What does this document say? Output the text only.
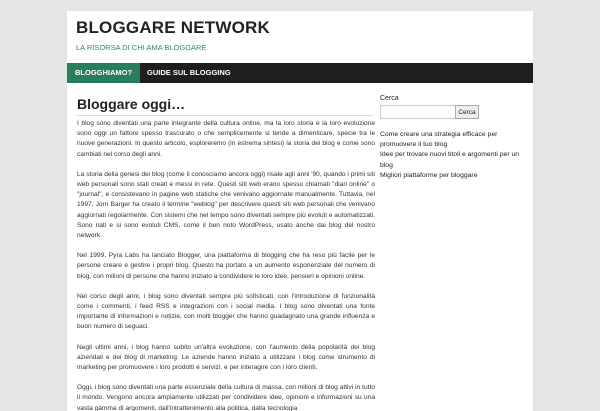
BLOGGARE NETWORK

LA RISORSA DI CHI AMA BLOGGARE

BLOGGHIAMO?	GUIDE SUL BLOGGING
Bloggare oggi…

I blog sono diventati una parte integrante della cultura online, ma la loro storia e la loro evoluzione sono oggi un fattore spesso trascurato o che semplicemente si tende a dimenticare, specie tra le nuove generazioni. In questo articolo, esploreremo (in estrema sintesi) la storia dei blog e come sono cambiati nel corso degli anni.

La storia della genesi dei blog (come li conosciamo ancora oggi) risale agli anni '90, quando i primi siti web personali sono stati creati e messi in rete. Questi siti web erano spesso chiamati "diari online" o "journal", e consistevano in pagine web statiche che venivano aggiornate manualmente. Tuttavia, nel 1997, Jorn Barger ha creato il termine "weblog" per descrivere questi siti web personali che venivano aggiornati regolarmente. Con sistemi che nel tempo sono diventati sempre più evoluti e automatizzati. Sono nati e si sono evoluti CMS, come il ben noto WordPress, usato anche dai blog del nostro network.

Nel 1999, Pyra Labs ha lanciato Blogger, una piattaforma di blogging che ha reso più facile per le persone creare e gestire i propri blog. Questo ha portato a un aumento esponenziale del numero di blog, con milioni di persone che hanno iniziato a condividere le loro idee, pensieri e opinioni online.

Nel corso degli anni, i blog sono diventati sempre più sofisticati, con l'introduzione di funzionalità come i commenti, i feed RSS e integrazioni con i social media. I blog sono diventati una fonte importante di informazioni e notizie, con molti blogger che hanno guadagnato una grande influenza e buon numero di seguaci.

Negli ultimi anni, i blog hanno subito un'altra evoluzione, con l'aumento della popolarità dei blog aziendali e dei blog di marketing. Le aziende hanno iniziato a utilizzare i blog come strumento di marketing per promuovere i loro prodotti e servizi, e per interagire con i loro clienti.

Oggi, i blog sono diventati una parte essenziale della cultura di massa, con milioni di blog attivi in tutto il mondo. Vengono ancora ampiamente utilizzati per condividere idee, opinioni e informazioni su una vasta gamma di argomenti, dall'intrattenimento alla politica, dalla tecnologia

Cerca

Cerca
Come creare una strategia efficace per promuovere il tuo blog
Idee per trovare nuovi titoli e argomenti per un blog
Migliori piattaforme per bloggare
